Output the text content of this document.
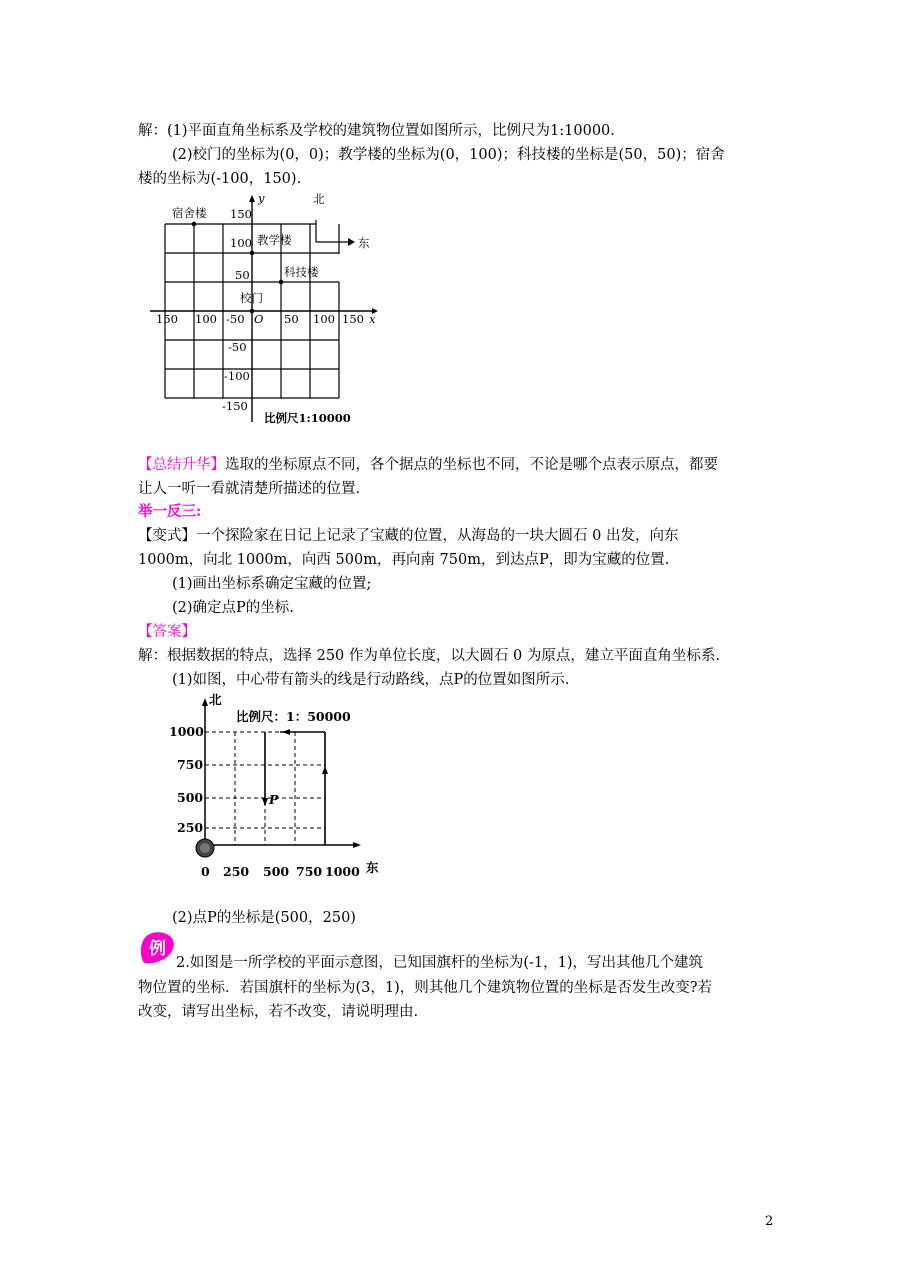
解：(1)平面直角坐标系及学校的建筑物位置如图所示，比例尺为1:10000.
(2)校门的坐标为(0，0)；教学楼的坐标为(0，100)；科技楼的坐标是(50，50)；宿舍
楼的坐标为(-100，150).
y	北
东
宿舍楼
教学楼
科技楼
校门
150
100
50
-50
-100
-150
150 100 -50 O 50 100 150 x
比例尺1:10000
【总结升华】选取的坐标原点不同，各个据点的坐标也不同，不论是哪个点表示原点，都要
让人一听一看就清楚所描述的位置.
举一反三:
【变式】一个探险家在日记上记录了宝藏的位置，从海岛的一块大圆石 0 出发，向东
1000m，向北 1000m，向西 500m，再向南 750m，到达点P，即为宝藏的位置.
(1)画出坐标系确定宝藏的位置;
(2)确定点P的坐标.
【答案】
解：根据数据的特点，选择 250 作为单位长度，以大圆石 0 为原点，建立平面直角坐标系.
(1)如图，中心带有箭头的线是行动路线，点P的位置如图所示.
北
比例尺：1：50000
1000
750
500
250
P
0 250 500 750 1000 东
(2)点P的坐标是(500，250)
例
2.如图是一所学校的平面示意图，已知国旗杆的坐标为(-1，1)，写出其他几个建筑
物位置的坐标．若国旗杆的坐标为(3，1)，则其他几个建筑物位置的坐标是否发生改变?若
改变，请写出坐标，若不改变，请说明理由.
2
